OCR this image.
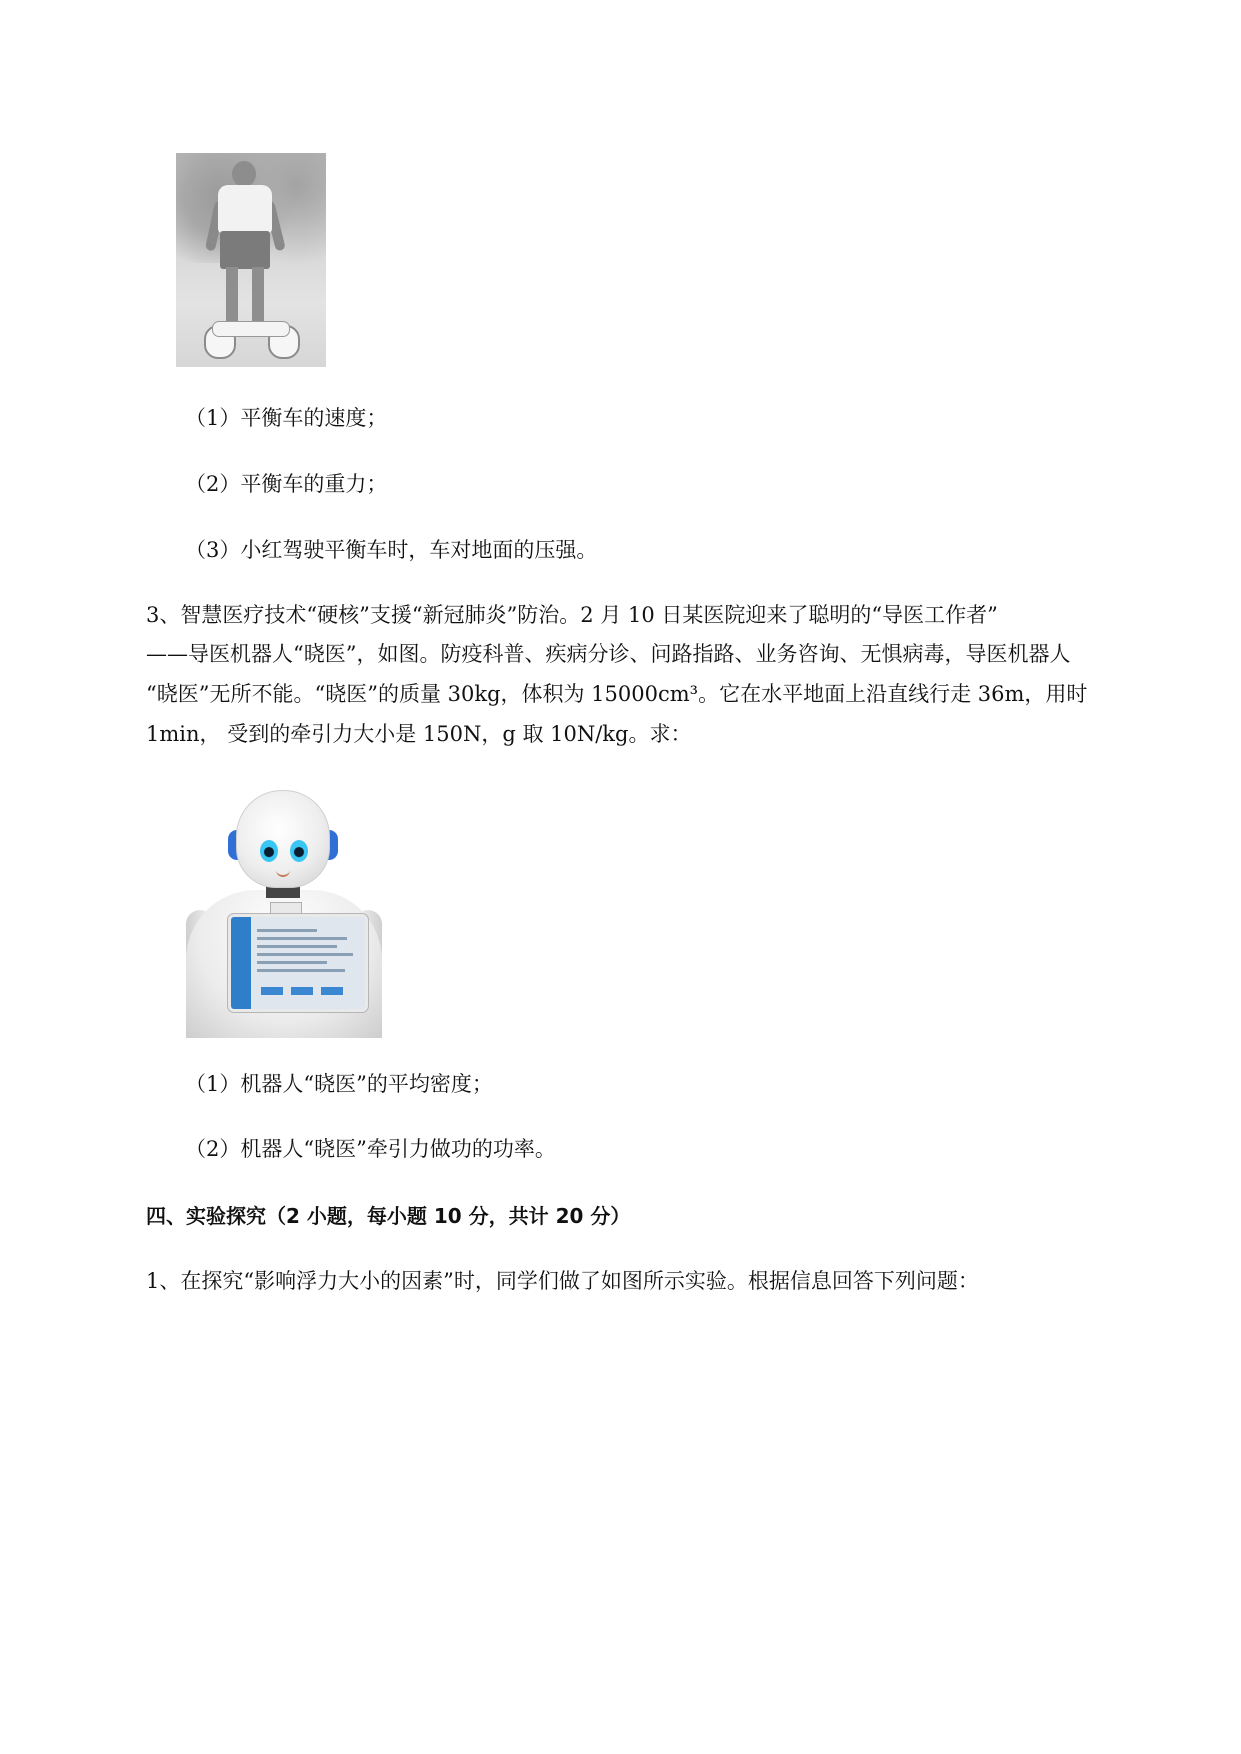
（1）平衡车的速度；
（2）平衡车的重力；
（3）小红驾驶平衡车时，车对地面的压强。
3、智慧医疗技术“硬核”支援“新冠肺炎”防治。2 月 10 日某医院迎来了聪明的“导医工作者”
——导医机器人“晓医”，如图。防疫科普、疾病分诊、问路指路、业务咨询、无惧病毒，导医机器人
“晓医”无所不能。“晓医”的质量 30kg，体积为 15000cm³。它在水平地面上沿直线行走 36m，用时
1min， 受到的牵引力大小是 150N，g 取 10N/kg。求：
（1）机器人“晓医”的平均密度；
（2）机器人“晓医”牵引力做功的功率。
四、实验探究（2 小题，每小题 10 分，共计 20 分）
1、在探究“影响浮力大小的因素”时，同学们做了如图所示实验。根据信息回答下列问题：
